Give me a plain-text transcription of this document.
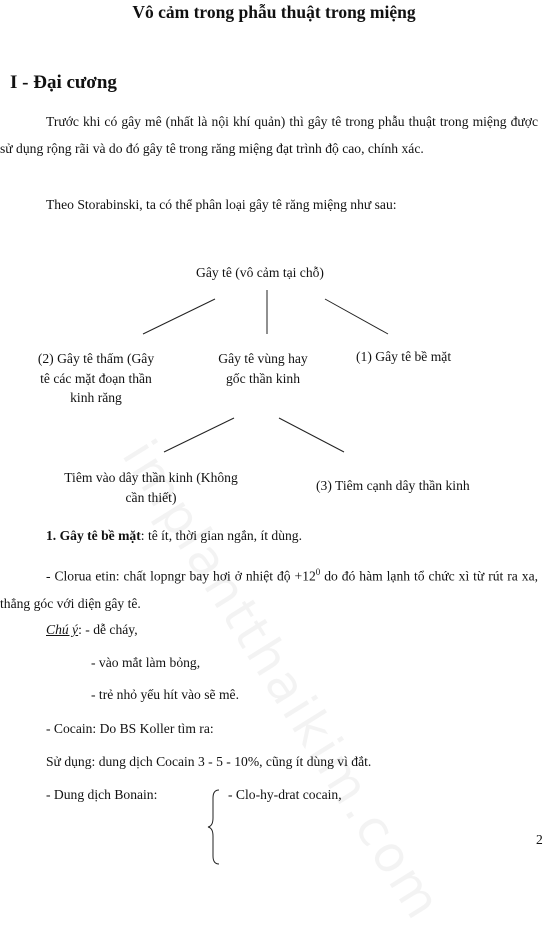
Vô cảm trong phẫu thuật trong miệng
I - Đại cương
Trước khi có gây mê (nhất là nội khí quản) thì gây tê trong phẫu thuật trong miệng được sử dụng rộng rãi và do đó gây tê trong răng miệng đạt trình độ cao, chính xác.
Theo Storabinski, ta có thể phân loại gây tê răng miệng như sau:
Gây tê (vô cảm tại chỗ)
(2) Gây tê thấm (Gây tê các mặt đoạn thần kinh răng
Gây tê vùng hay gốc thần kinh
(1) Gây tê bề mặt
Tiêm vào dây thần kinh (Không cần thiết)
(3) Tiêm cạnh dây thần kinh
1. Gây tê bề mặt: tê ít, thời gian ngắn, ít dùng.
- Clorua etin: chất lopngr bay hơi ở nhiệt độ $+12^0$ do đó hàm lạnh tổ chức xì từ rút ra xa, thẳng góc với diện gây tê.
Chú ý: - dễ cháy,
- vào mắt làm bỏng,
- trẻ nhỏ yếu hít vào sẽ mê.
- Cocain: Do BS Koller tìm ra:
Sử dụng: dung dịch Cocain 3 - 5 - 10%, cũng ít dùng vì đắt.
- Dung dịch Bonain:	- Clo-hy-drat cocain,
2
